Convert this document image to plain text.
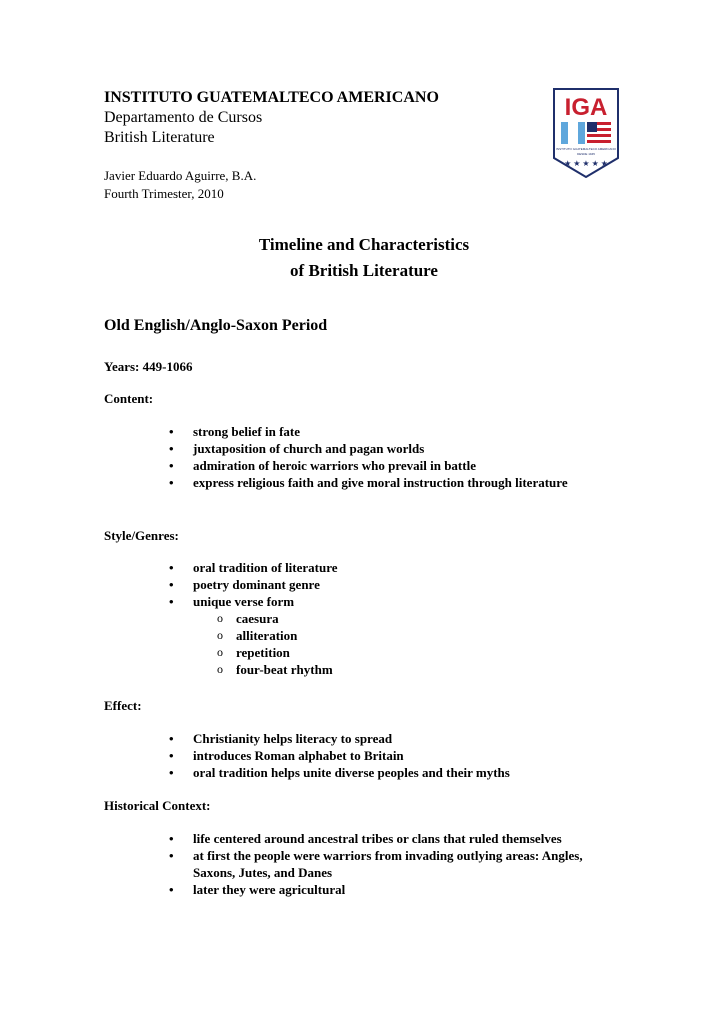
INSTITUTO GUATEMALTECO AMERICANO
Departamento de Cursos
British Literature
Javier Eduardo Aguirre, B.A.
Fourth Trimester, 2010
IGA
INSTITUTO GUATEMALTECO AMERICANO
DESDE 1945
★ ★ ★ ★ ★
Timeline and Characteristics
of British Literature
Old English/Anglo-Saxon Period
Years: 449-1066
Content:
• strong belief in fate
• juxtaposition of church and pagan worlds
• admiration of heroic warriors who prevail in battle
• express religious faith and give moral instruction through literature
Style/Genres:
• oral tradition of literature
• poetry dominant genre
• unique verse form
o caesura
o alliteration
o repetition
o four-beat rhythm
Effect:
• Christianity helps literacy to spread
• introduces Roman alphabet to Britain
• oral tradition helps unite diverse peoples and their myths
Historical Context:
• life centered around ancestral tribes or clans that ruled themselves
• at first the people were warriors from invading outlying areas: Angles, Saxons, Jutes, and Danes
• later they were agricultural
